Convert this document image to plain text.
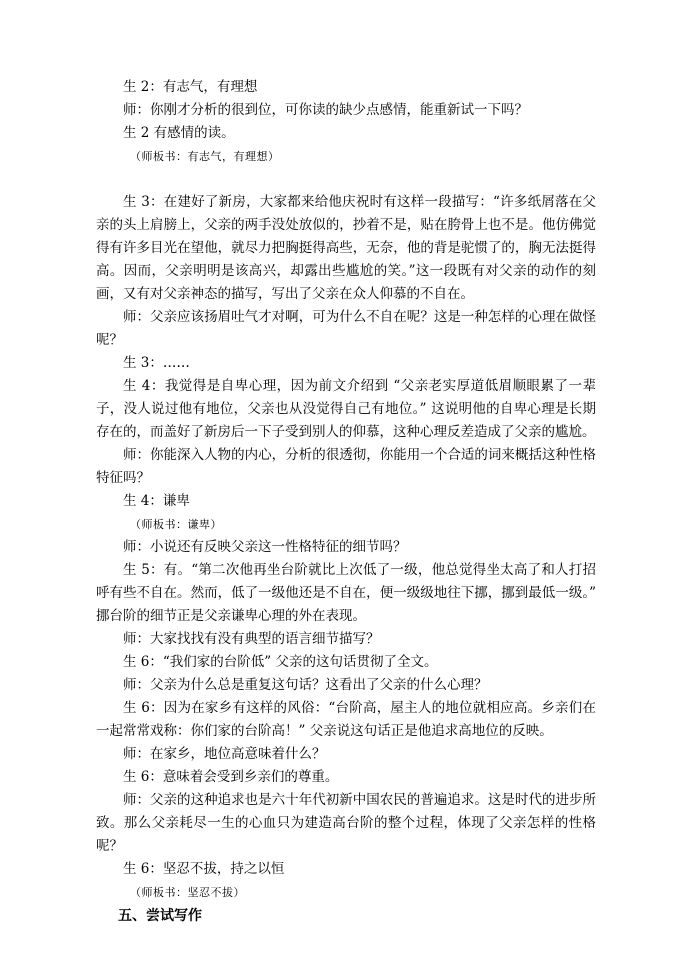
生 2：有志气，有理想

师：你刚才分析的很到位，可你读的缺少点感情，能重新试一下吗？

生 2 有感情的读。

（师板书：有志气，有理想）

生 3：在建好了新房，大家都来给他庆祝时有这样一段描写：“许多纸屑落在父亲的头上肩膀上，父亲的两手没处放似的，抄着不是，贴在胯骨上也不是。他仿佛觉得有许多目光在望他，就尽力把胸挺得高些，无奈，他的背是驼惯了的，胸无法挺得高。因而，父亲明明是该高兴，却露出些尴尬的笑。”这一段既有对父亲的动作的刻画，又有对父亲神态的描写，写出了父亲在众人仰慕的不自在。

师：父亲应该扬眉吐气才对啊，可为什么不自在呢？这是一种怎样的心理在做怪呢？

生 3：……

生 4：我觉得是自卑心理，因为前文介绍到 “父亲老实厚道低眉顺眼累了一辈子，没人说过他有地位，父亲也从没觉得自己有地位。” 这说明他的自卑心理是长期存在的，而盖好了新房后一下子受到别人的仰慕，这种心理反差造成了父亲的尴尬。

师：你能深入人物的内心，分析的很透彻，你能用一个合适的词来概括这种性格特征吗？

生 4：谦卑

（师板书：谦卑）

师：小说还有反映父亲这一性格特征的细节吗？

生 5：有。“第二次他再坐台阶就比上次低了一级，他总觉得坐太高了和人打招呼有些不自在。然而，低了一级他还是不自在，便一级级地往下挪，挪到最低一级。” 挪台阶的细节正是父亲谦卑心理的外在表现。

师：大家找找有没有典型的语言细节描写？

生 6：“我们家的台阶低” 父亲的这句话贯彻了全文。

师：父亲为什么总是重复这句话？这看出了父亲的什么心理？

生 6：因为在家乡有这样的风俗：“台阶高，屋主人的地位就相应高。乡亲们在一起常常戏称：你们家的台阶高！” 父亲说这句话正是他追求高地位的反映。

师：在家乡，地位高意味着什么？

生 6：意味着会受到乡亲们的尊重。

师：父亲的这种追求也是六十年代初新中国农民的普遍追求。这是时代的进步所致。那么父亲耗尽一生的心血只为建造高台阶的整个过程，体现了父亲怎样的性格呢？

生 6：坚忍不拔，持之以恒

（师板书：坚忍不拔）

五、尝试写作
